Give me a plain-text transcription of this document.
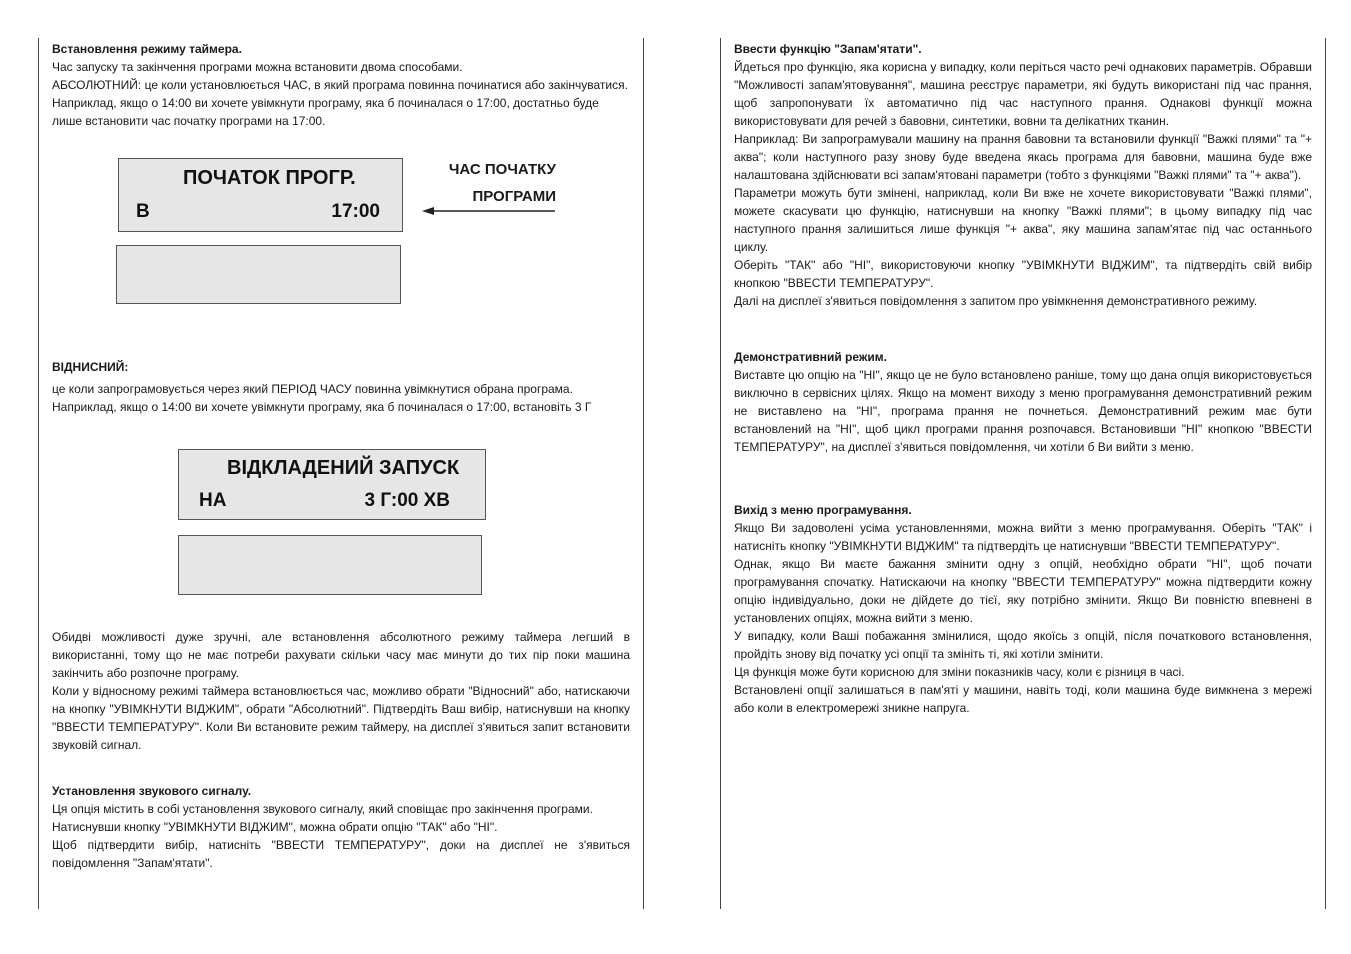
Встановлення режиму таймера.

Час запуску та закінчення програми можна встановити двома способами.

АБСОЛЮТНИЙ: це коли установлюється ЧАС, в який програма повинна починатися або закінчуватися.

Наприклад, якщо о 14:00 ви хочете увімкнути програму, яка б починалася о 17:00, достатньо буде лише встановити час початку програми на 17:00.

ПОЧАТОК ПРОГР.
B	17:00
ЧАС ПОЧАТКУ
ПРОГРАМИ

ВІДНИСНИЙ:

це коли запрограмовується через який ПЕРІОД ЧАСУ повинна увімкнутися обрана програма.

Наприклад, якщо о 14:00 ви хочете увімкнути програму, яка б починалася о 17:00, встановіть 3 Г

ВІДКЛАДЕНИЙ ЗАПУСК
НА	3 Г:00 ХВ

Обидві можливості дуже зручні, але встановлення абсолютного режиму таймера легший в використанні, тому що не має потреби рахувати скільки часу має минути до тих пір поки машина закінчить або розпочне програму.

Коли у відносному режимі таймера встановлюється час, можливо обрати "Відносний" або, натискаючи на кнопку "УВІМКНУТИ ВІДЖИМ", обрати "Абсолютний". Підтвердіть Ваш вибір, натиснувши на кнопку "ВВЕСТИ ТЕМПЕРАТУРУ". Коли Ви встановите режим таймеру, на дисплеї з'явиться запит встановити звуковій сигнал.

Установлення звукового сигналу.

Ця опція містить в собі установлення звукового сигналу, який сповіщає про закінчення програми.

Натиснувши кнопку "УВІМКНУТИ ВІДЖИМ", можна обрати опцію "ТАК" або "НІ".

Щоб підтвердити вибір, натисніть "ВВЕСТИ ТЕМПЕРАТУРУ", доки на дисплеї не з'явиться повідомлення "Запам'ятати".

Ввести функцію "Запам'ятати".

Йдеться про функцію, яка корисна у випадку, коли періться часто речі однакових параметрів. Обравши "Можливості запам'ятовування", машина реєструє параметри, які будуть використані під час прання, щоб запропонувати їх автоматично під час наступного прання. Однакові функції можна використовувати для речей з бавовни, синтетики, вовни та делікатних тканин.

Наприклад: Ви запрограмували машину на прання бавовни та встановили функції "Важкі плями" та "+ аква"; коли наступного разу знову буде введена якась програма для бавовни, машина буде вже налаштована здійснювати всі запам'ятовані параметри (тобто з функціями "Важкі плями" та "+ аква").

Параметри можуть бути змінені, наприклад, коли Ви вже не хочете використовувати "Важкі плями", можете скасувати цю функцію, натиснувши на кнопку "Важкі плями"; в цьому випадку під час наступного прання залишиться лише функція "+ аква", яку машина запам'ятає під час останнього циклу.

Оберіть "ТАК" або "НІ", використовуючи кнопку "УВІМКНУТИ ВІДЖИМ", та підтвердіть свій вибір кнопкою "ВВЕСТИ ТЕМПЕРАТУРУ".

Далі на дисплеї з'явиться повідомлення з запитом про увімкнення демонстративного режиму.

Демонстративний режим.

Виставте цю опцію на "НІ", якщо це не було встановлено раніше, тому що дана опція використовується виключно в сервісних цілях. Якщо на момент виходу з меню програмування демонстративний режим не виставлено на "НІ", програма прання не почнеться. Демонстративний режим має бути встановлений на "НІ", щоб цикл програми прання розпочався. Встановивши "НІ" кнопкою "ВВЕСТИ ТЕМПЕРАТУРУ", на дисплеї з'явиться повідомлення, чи хотіли б Ви вийти з меню.

Вихід з меню програмування.

Якщо Ви задоволені усіма установленнями, можна вийти з меню програмування. Оберіть "ТАК" і натисніть кнопку "УВІМКНУТИ ВІДЖИМ" та підтвердіть це натиснувши "ВВЕСТИ ТЕМПЕРАТУРУ".

Однак, якщо Ви маєте бажання змінити одну з опцій, необхідно обрати "НІ", щоб почати програмування спочатку. Натискаючи на кнопку "ВВЕСТИ ТЕМПЕРАТУРУ" можна підтвердити кожну опцію індивідуально, доки не дійдете до тієї, яку потрібно змінити. Якщо Ви повністю впевнені в установлених опціях, можна вийти з меню.

У випадку, коли Ваші побажання змінилися, щодо якоїсь з опцій, після початкового встановлення, пройдіть знову від початку усі опції та змініть ті, які хотіли змінити.

Ця функція може бути корисною для зміни показників часу, коли є різниця в часі.

Встановлені опції залишаться в пам'яті у машини, навіть тоді, коли машина буде вимкнена з мережі або коли в електромережі зникне напруга.
